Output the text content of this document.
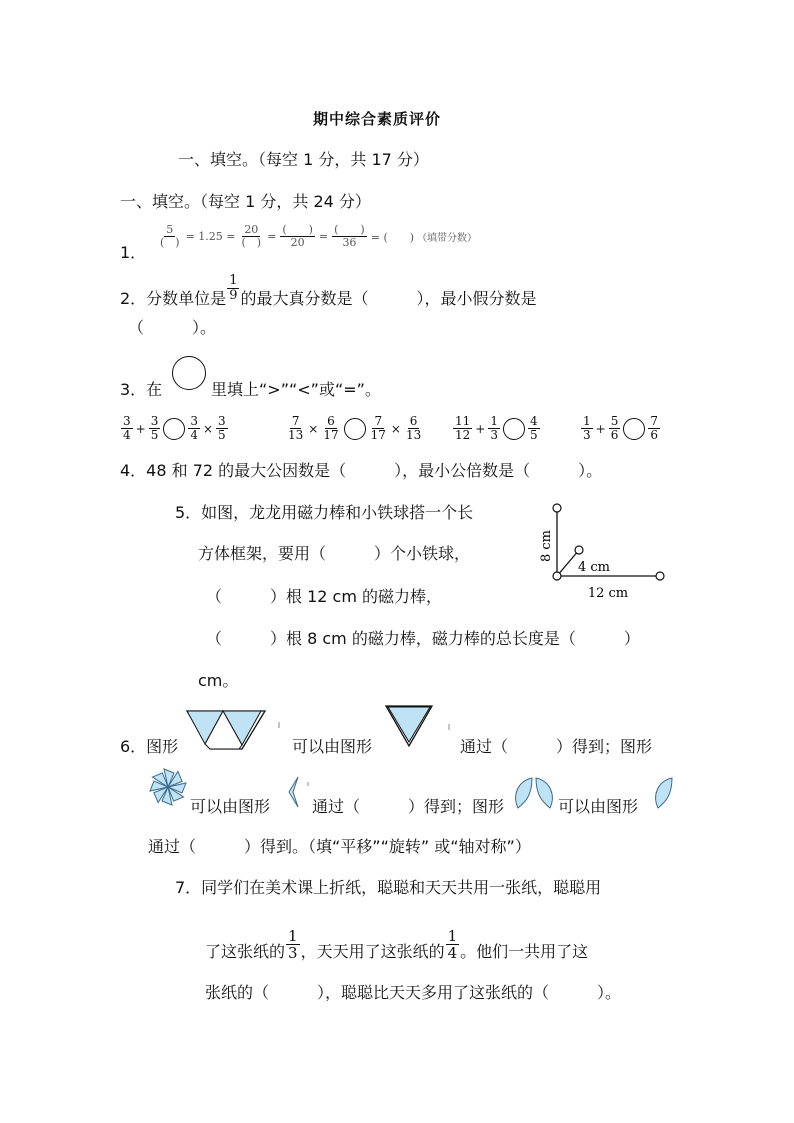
期中综合素质评价
一、填空。（每空 1 分，共 17 分）
一、填空。（每空 1 分，共 24 分）
1．
$\frac{5}{( )} = 1.25 = \frac{20}{( )} = \frac{( )}{20} = \frac{( )}{36}$ = (　　) （填带分数）
2．分数单位是 $\frac{1}{9}$ 的最大真分数是（　　　），最小假分数是
（　　　）。
3．在	里填上“>”“<”或“=”。
$\frac{3}{4} + \frac{3}{5} \frac{3}{4} \times \frac{3}{5}$	$\frac{7}{13} \times \frac{6}{17} \frac{7}{17} \times \frac{6}{13} \frac{11}{12} + \frac{1}{3} \frac{4}{5}$	$\frac{1}{3} + \frac{5}{6} \frac{7}{6}$
4．48 和 72 的最大公因数是（　　　），最小公倍数是（　　　）。
5．如图，龙龙用磁力棒和小铁球搭一个长
方体框架，要用（　　　）个小铁球，
（　　　）根 12 cm 的磁力棒，
（　　　）根 8 cm 的磁力棒，磁力棒的总长度是（　　　）
cm。
8 cm
4 cm
12 cm
6．图形	可以由图形	通过（　　　）得到；图形
可以由图形	通过（　　　）得到；图形	可以由图形
通过（　　　）得到。（填“平移”“旋转” 或“轴对称”）
7．同学们在美术课上折纸，聪聪和天天共用一张纸，聪聪用
了这张纸的 $\frac{1}{3}$ ，天天用了这张纸的 $\frac{1}{4}$ 。他们一共用了这
张纸的（　　　），聪聪比天天多用了这张纸的（　　　）。
